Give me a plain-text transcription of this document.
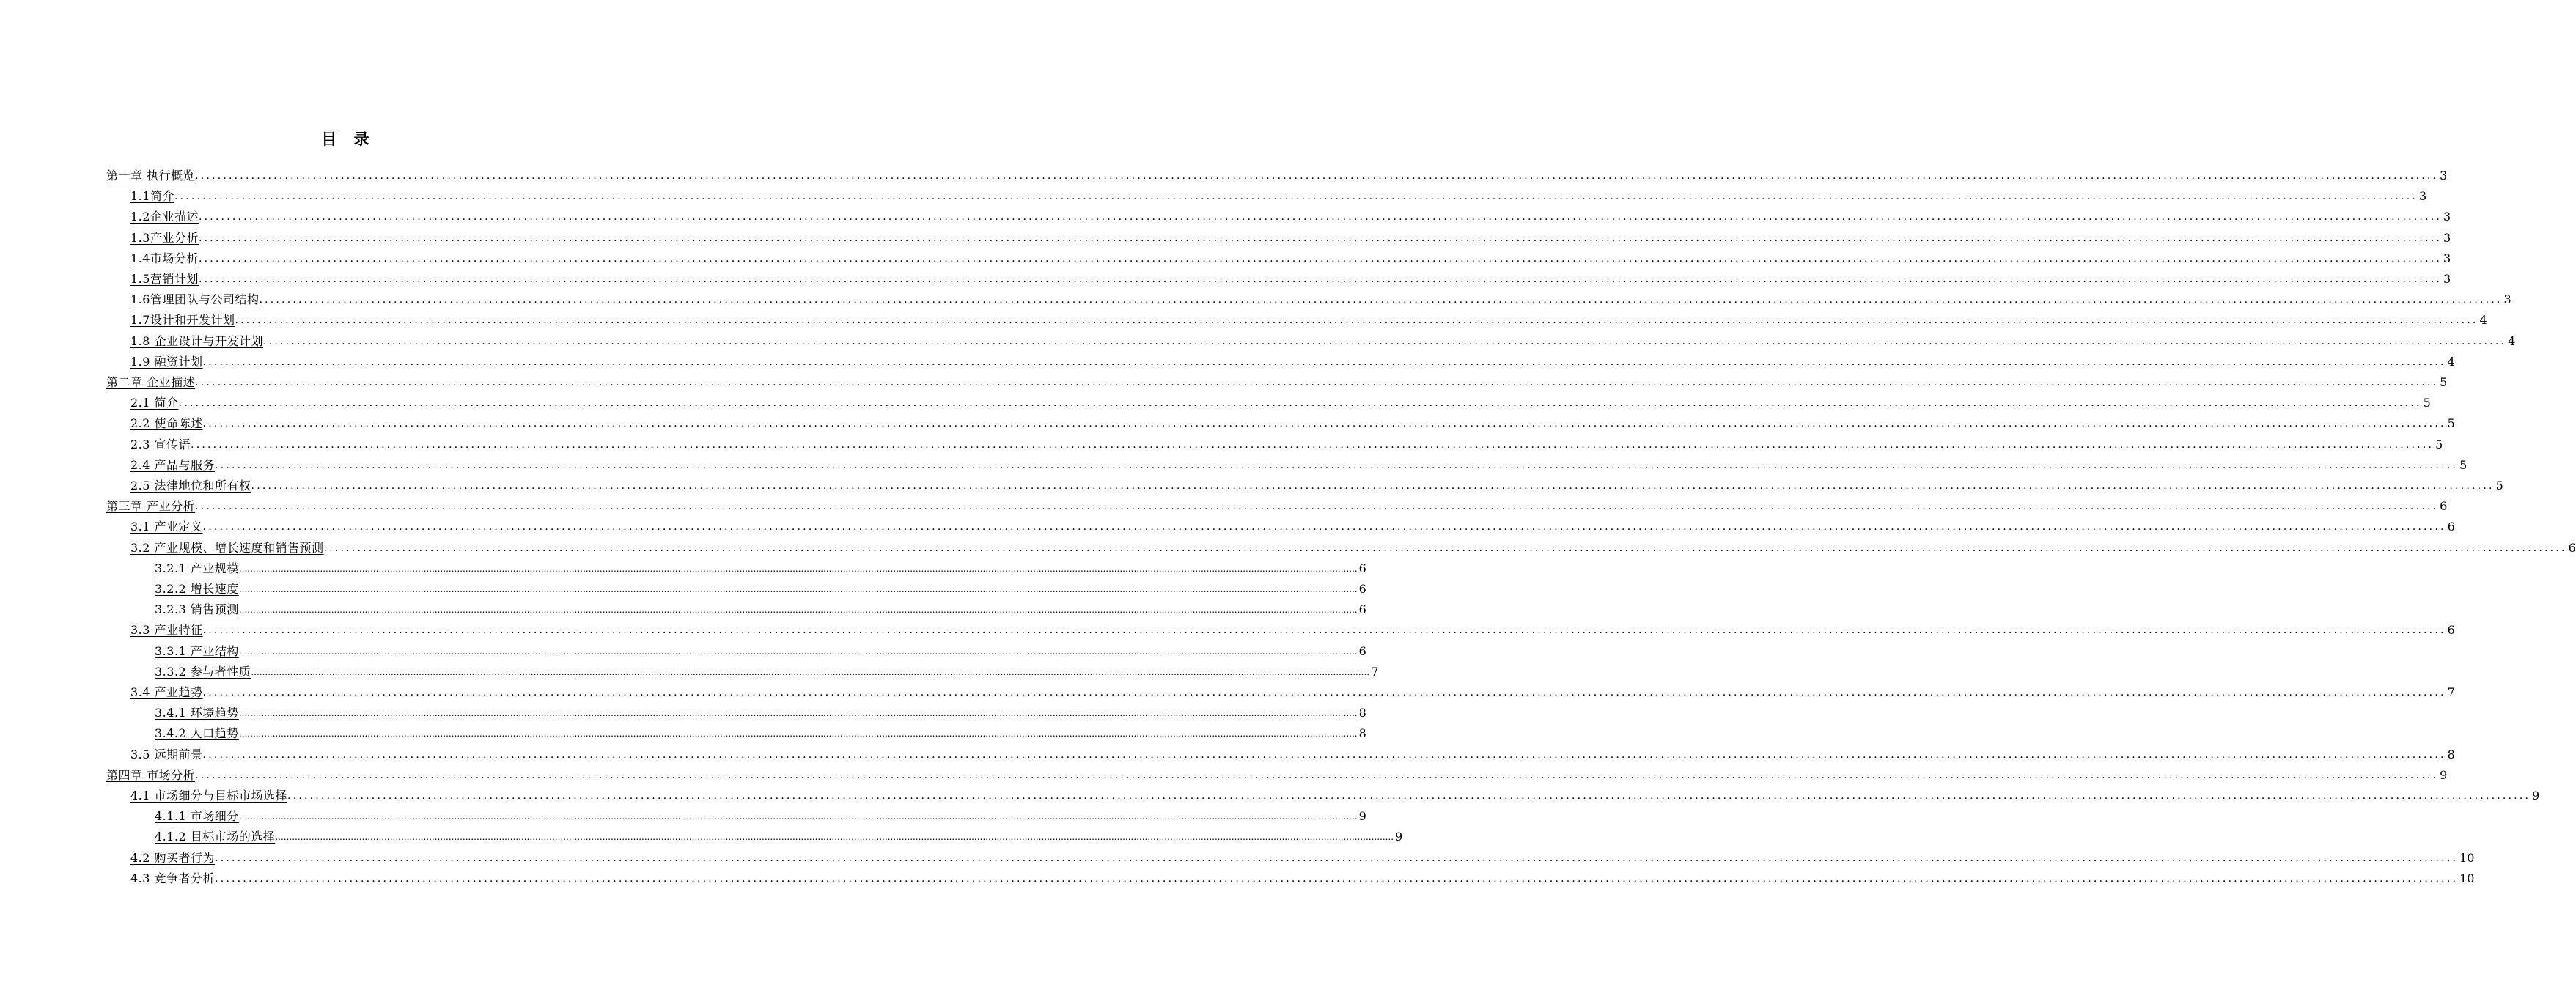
目 录
第一章 执行概览 ................................................................................................................................................................................................................................................................................................................................................................................................................ 3
1.1简介 ................................................................................................................................................................................................................................................................................................................................................................................................................ 3
1.2企业描述 ................................................................................................................................................................................................................................................................................................................................................................................................................ 3
1.3产业分析 ................................................................................................................................................................................................................................................................................................................................................................................................................ 3
1.4市场分析 ................................................................................................................................................................................................................................................................................................................................................................................................................ 3
1.5营销计划 ................................................................................................................................................................................................................................................................................................................................................................................................................ 3
1.6管理团队与公司结构 ................................................................................................................................................................................................................................................................................................................................................................................................................ 3
1.7设计和开发计划 ................................................................................................................................................................................................................................................................................................................................................................................................................ 4
1.8 企业设计与开发计划 ................................................................................................................................................................................................................................................................................................................................................................................................................ 4
1.9 融资计划 ................................................................................................................................................................................................................................................................................................................................................................................................................ 4
第二章 企业描述 ................................................................................................................................................................................................................................................................................................................................................................................................................ 5
2.1 简介 ................................................................................................................................................................................................................................................................................................................................................................................................................ 5
2.2 使命陈述 ................................................................................................................................................................................................................................................................................................................................................................................................................ 5
2.3 宣传语 ................................................................................................................................................................................................................................................................................................................................................................................................................ 5
2.4 产品与服务 ................................................................................................................................................................................................................................................................................................................................................................................................................ 5
2.5 法律地位和所有权 ................................................................................................................................................................................................................................................................................................................................................................................................................ 5
第三章 产业分析 ................................................................................................................................................................................................................................................................................................................................................................................................................ 6
3.1 产业定义 ................................................................................................................................................................................................................................................................................................................................................................................................................ 6
3.2 产业规模、增长速度和销售预测 ................................................................................................................................................................................................................................................................................................................................................................................................................ 6
3.2.1 产业规模 ................................................................................................................................................................................................................................................................................................................................................................................................................ 6
3.2.2 增长速度 ................................................................................................................................................................................................................................................................................................................................................................................................................ 6
3.2.3 销售预测 ................................................................................................................................................................................................................................................................................................................................................................................................................ 6
3.3 产业特征 ................................................................................................................................................................................................................................................................................................................................................................................................................ 6
3.3.1 产业结构 ................................................................................................................................................................................................................................................................................................................................................................................................................ 6
3.3.2 参与者性质 ................................................................................................................................................................................................................................................................................................................................................................................................................ 7
3.4 产业趋势 ................................................................................................................................................................................................................................................................................................................................................................................................................ 7
3.4.1 环境趋势 ................................................................................................................................................................................................................................................................................................................................................................................................................ 8
3.4.2 人口趋势 ................................................................................................................................................................................................................................................................................................................................................................................................................ 8
3.5 远期前景 ................................................................................................................................................................................................................................................................................................................................................................................................................ 8
第四章 市场分析 ................................................................................................................................................................................................................................................................................................................................................................................................................ 9
4.1 市场细分与目标市场选择 ................................................................................................................................................................................................................................................................................................................................................................................................................ 9
4.1.1 市场细分 ................................................................................................................................................................................................................................................................................................................................................................................................................ 9
4.1.2 目标市场的选择 ................................................................................................................................................................................................................................................................................................................................................................................................................ 9
4.2 购买者行为 ................................................................................................................................................................................................................................................................................................................................................................................................................ 10
4.3 竞争者分析 ................................................................................................................................................................................................................................................................................................................................................................................................................ 10
